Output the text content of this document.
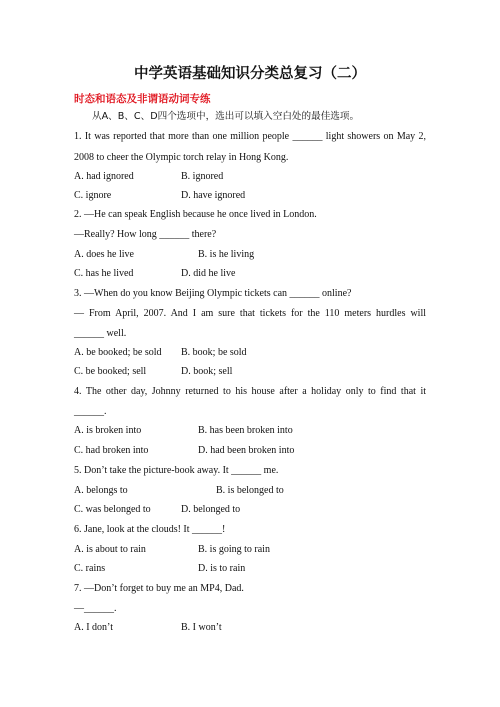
中学英语基础知识分类总复习（二）
时态和语态及非谓语动词专练
从A、B、C、D四个选项中，选出可以填入空白处的最佳选项。
1. It was reported that more than one million people ______ light showers on May 2,
2008 to cheer the Olympic torch relay in Hong Kong.
A. had ignored	B. ignored
C. ignore	D. have ignored
2. —He can speak English because he once lived in London.
—Really? How long ______ there?
A. does he live	B. is he living
C. has he lived	D. did he live
3. —When do you know Beijing Olympic tickets can ______ online?
— From April, 2007. And I am sure that tickets for the 110 meters hurdles will
______ well.
A. be booked; be sold B. book; be sold
C. be booked; sell	D. book; sell
4. The other day, Johnny returned to his house after a holiday only to find that it
______.
A. is broken into	B. has been broken into
C. had broken into	D. had been broken into
5. Don’t take the picture-book away. It ______ me.
A. belongs to	B. is belonged to
C. was belonged to	D. belonged to
6. Jane, look at the clouds! It ______!
A. is about to rain	B. is going to rain
C. rains	D. is to rain
7. —Don’t forget to buy me an MP4, Dad.
—______.
A. I don’t	B. I won’t
